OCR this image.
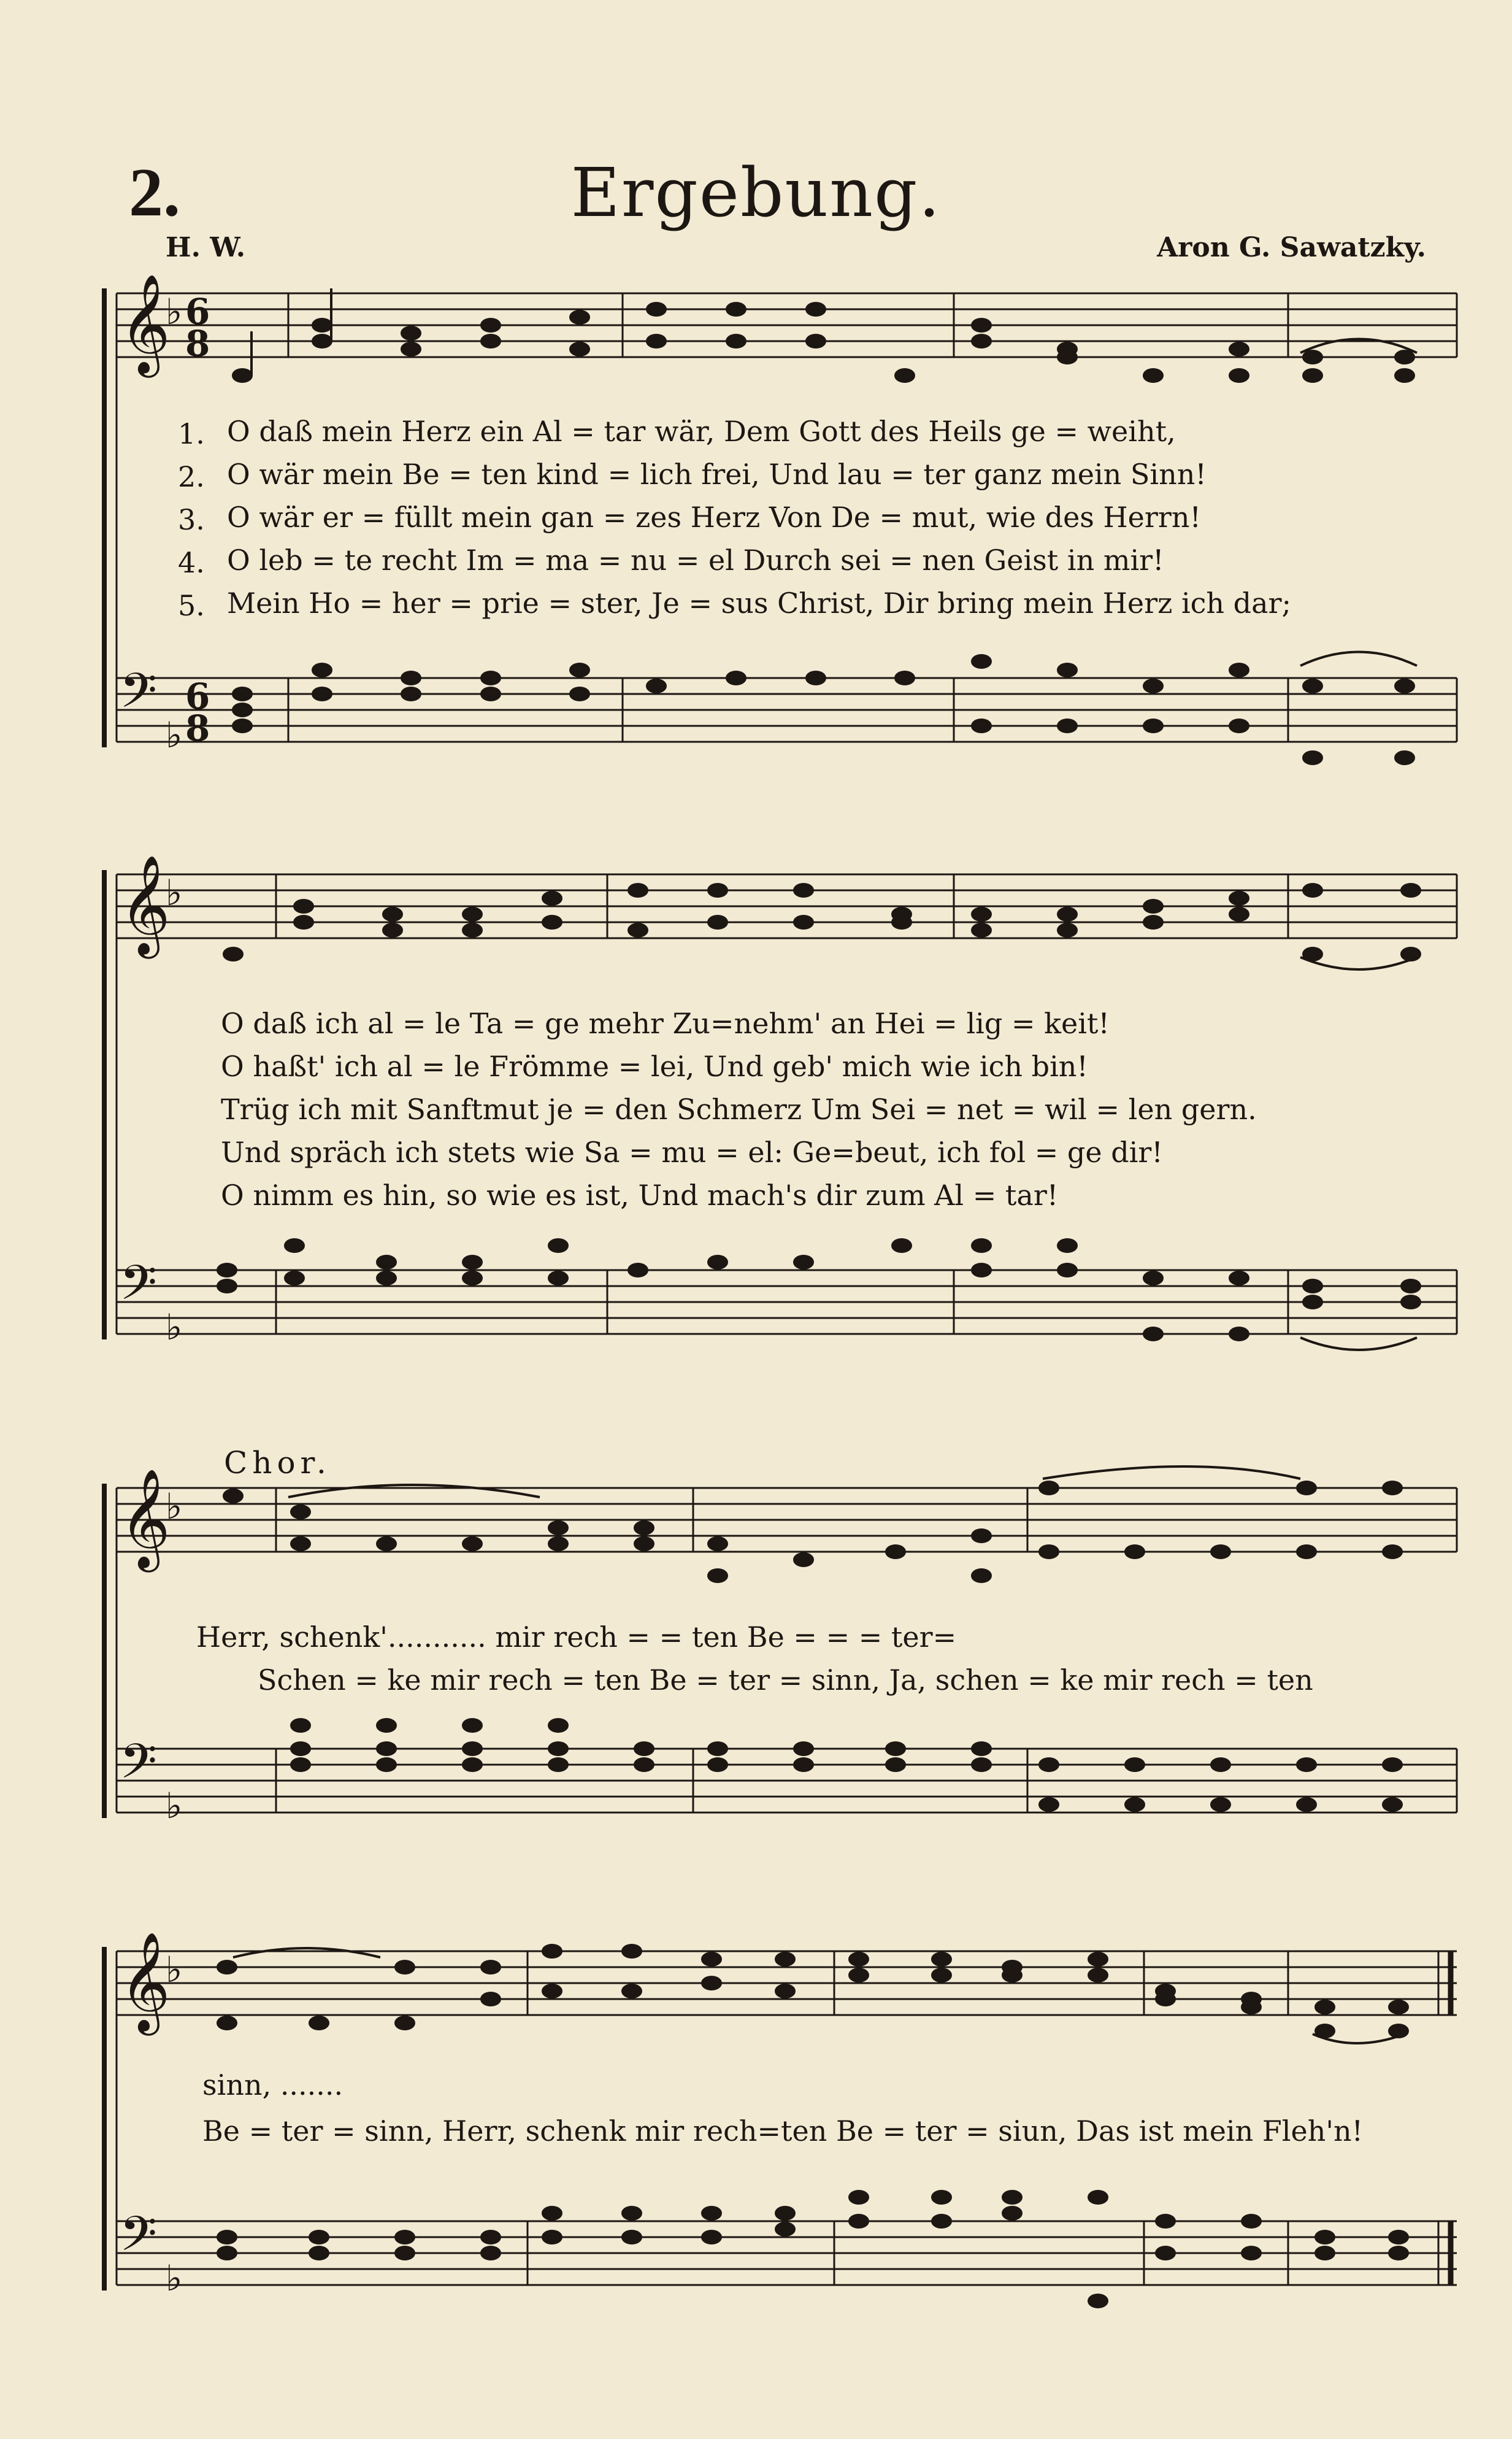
2.	Ergebung.
H. W.	Aron G. Sawatzky.
𝄞
𝄢
𝄞
𝄢
𝄞
𝄢
𝄞
𝄢
♭
♭
♭
♭
♭
♭
♭
♭
6
8
6
8
1. O daß mein Herz ein Al = tar wär, Dem Gott des Heils ge = weiht,
2. O wär mein Be = ten kind = lich frei, Und lau = ter ganz mein Sinn!
3. O wär er = füllt mein gan = zes Herz Von De = mut, wie des Herrn!
4. O leb = te recht Im = ma = nu = el Durch sei = nen Geist in mir!
5. Mein Ho = her = prie = ster, Je = sus Christ, Dir bring mein Herz ich dar;
O daß ich al = le Ta = ge mehr Zu=nehm' an Hei = lig = keit!
O haßt' ich al = le Frömme = lei, Und geb' mich wie ich bin!
Trüg ich mit Sanftmut je = den Schmerz Um Sei = net = wil = len gern.
Und spräch ich stets wie Sa = mu = el: Ge=beut, ich fol = ge dir!
O nimm es hin, so wie es ist, Und mach's dir zum Al = tar!
Chor.
Herr, schenk'........... mir rech = = ten Be = = = ter=
Schen = ke mir rech = ten Be = ter = sinn, Ja, schen = ke mir rech = ten
sinn, .......
Be = ter = sinn, Herr, schenk mir rech=ten Be = ter = siun, Das ist mein Fleh'n!
